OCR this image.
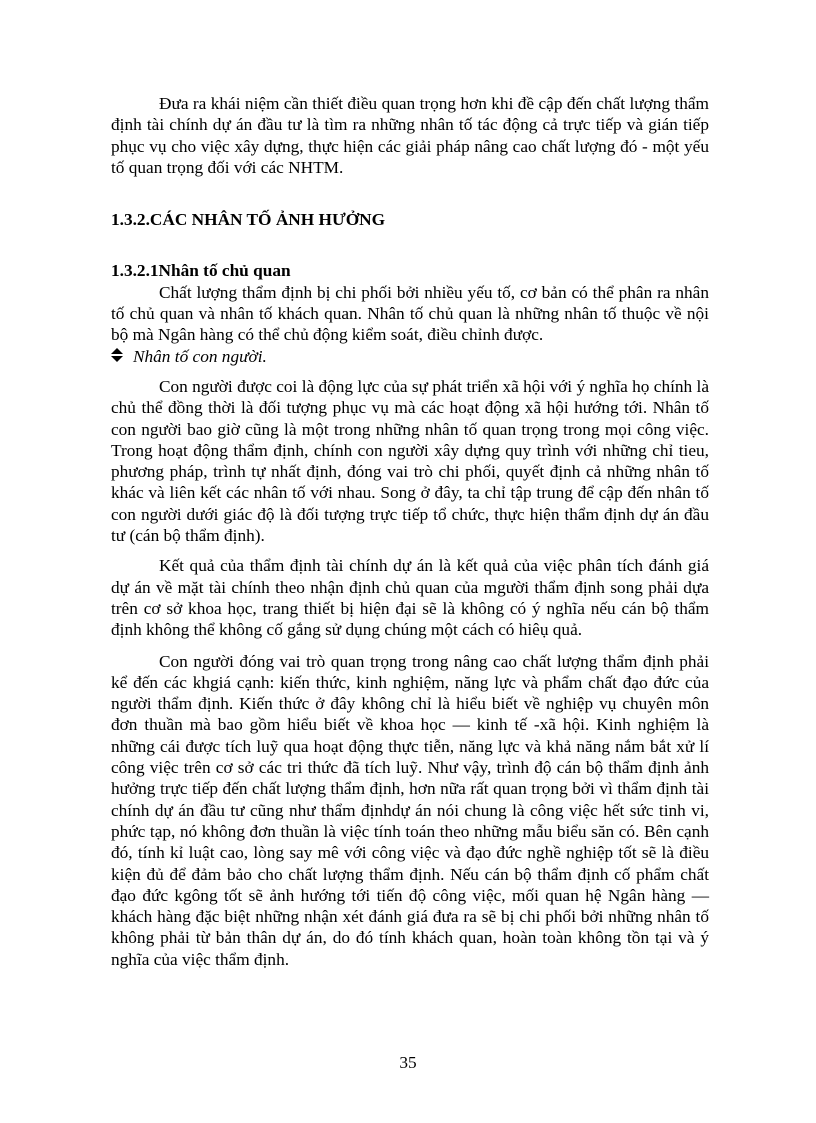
Đưa ra khái niệm cần thiết điều quan trọng hơn khi đề cập đến chất lượng thẩm định tài chính dự án đầu tư là tìm ra những nhân tố tác động cả trực tiếp và gián tiếp phục vụ cho việc xây dựng, thực hiện các giải pháp nâng cao chất lượng đó - một yếu tố quan trọng đối với các NHTM.

1.3.2.CÁC NHÂN TỐ ẢNH HƯỞNG
1.3.2.1Nhân tố chủ quan

Chất lượng thẩm định bị chi phối bởi nhiều yếu tố, cơ bản có thể phân ra nhân tố chủ quan và nhân tố khách quan. Nhân tố chủ quan là những nhân tố thuộc về nội bộ mà Ngân hàng có thể chủ động kiểm soát, điều chỉnh được.

Nhân tố con người.

Con người được coi là động lực của sự phát triển xã hội với ý nghĩa họ chính là chủ thể đồng thời là đối tượng phục vụ mà các hoạt động xã hội hướng tới. Nhân tố con người bao giờ cũng là một trong những nhân tố quan trọng trong mọi công việc. Trong hoạt động thẩm định, chính con người xây dựng quy trình với những chỉ tieu, phương pháp, trình tự nhất định, đóng vai trò chi phối, quyết định cả những nhân tố khác và liên kết các nhân tố với nhau. Song ở đây, ta chỉ tập trung để cập đến nhân tố con người dưới giác độ là đối tượng trực tiếp tổ chức, thực hiện thẩm định dự án đầu tư (cán bộ thẩm định).

Kết quả của thẩm định tài chính dự án là kết quả của việc phân tích đánh giá dự án về mặt tài chính theo nhận định chủ quan của mgười thẩm định song phải dựa trên cơ sở khoa học, trang thiết bị hiện đại sẽ là không có ý nghĩa nếu cán bộ thẩm định không thể không cố gắng sử dụng chúng một cách có hiêụ quả.

Con người đóng vai trò quan trọng trong nâng cao chất lượng thẩm định phải kể đến các khgiá cạnh: kiến thức, kinh nghiệm, năng lực và phẩm chất đạo đức của người thẩm định. Kiến thức ở đây không chỉ là hiểu biết về nghiệp vụ chuyên môn đơn thuần mà bao gồm hiểu biết về khoa học — kinh tế -xã hội. Kinh nghiệm là những cái được tích luỹ qua hoạt động thực tiễn, năng lực và khả năng nắm bắt xử lí công việc trên cơ sở các tri thức đã tích luỹ. Như vậy, trình độ cán bộ thẩm định ảnh hưởng trực tiếp đến chất lượng thẩm định, hơn nữa rất quan trọng bởi vì thẩm định tài chính dự án đầu tư cũng như thẩm địnhdự án nói chung là công việc hết sức tinh vi, phức tạp, nó không đơn thuần là việc tính toán theo những mẫu biểu săn có. Bên cạnh đó, tính kỉ luật cao, lòng say mê với công việc và đạo đức nghề nghiệp tốt sẽ là điều kiện đủ để đảm bảo cho chất lượng thẩm định. Nếu cán bộ thẩm định cố phẩm chất đạo đức kgông tốt sẽ ảnh hướng tới tiến độ công việc, mối quan hệ Ngân hàng —khách hàng đặc biệt những nhận xét đánh giá đưa ra sẽ bị chi phối bởi những nhân tố không phải từ bản thân dự án, do đó tính khách quan, hoàn toàn không tồn tại và ý nghĩa của việc thẩm định.

35
